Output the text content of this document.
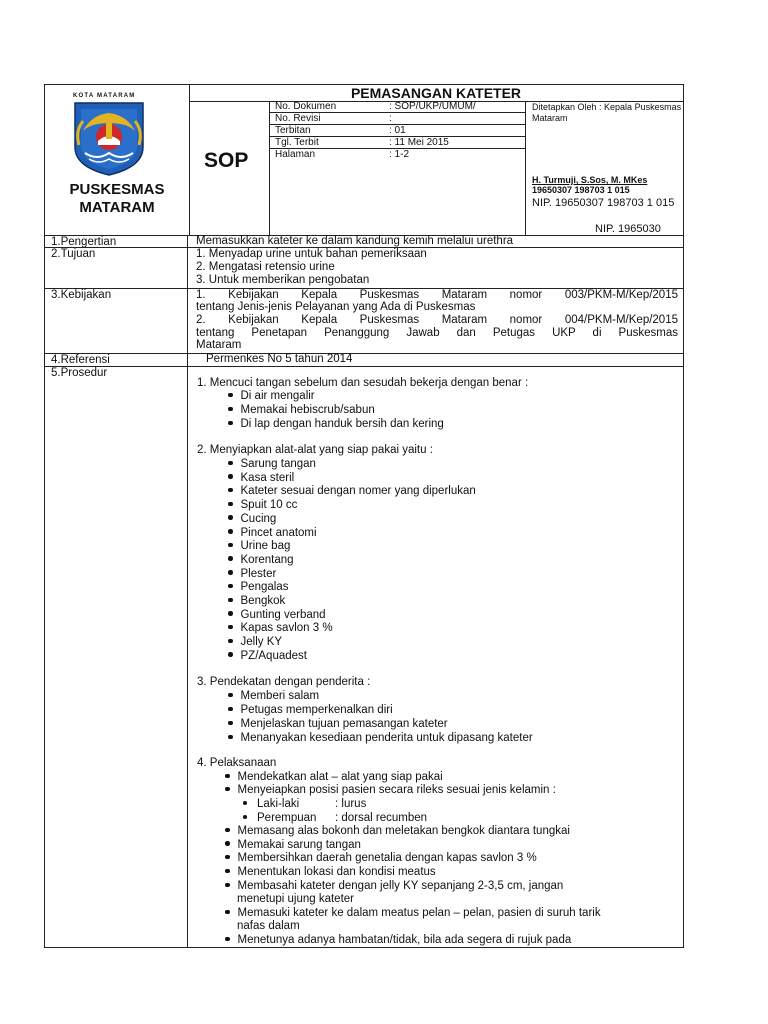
KOTA MATARAM
PUSKESMAS
MATARAM
PEMASANGAN KATETER
SOP
No. Dokumen	: SOP/UKP/UMUM/
No. Revisi	:
Terbitan	: 01
Tgl. Terbit	: 11 Mei 2015
Halaman	: 1-2
Ditetapkan Oleh : Kepala Puskesmas Mataram
H. Turmuji, S.Sos, M. MKes
19650307 198703 1 015
NIP. 19650307 198703 1 015
NIP. 1965030
1.Pengertian	Memasukkan kateter ke dalam kandung kemih melalui urethra
2.Tujuan	1. Menyadap urine untuk bahan pemeriksaan
2. Mengatasi retensio urine
3. Untuk memberikan pengobatan
3.Kebijakan	1. Kebijakan Kepala Puskesmas Mataram nomor 003/PKM-M/Kep/2015
tentang Jenis-jenis Pelayanan yang Ada di Puskesmas
2. Kebijakan Kepala Puskesmas Mataram nomor 004/PKM-M/Kep/2015
tentang Penetapan Penanggung Jawab dan Petugas UKP di Puskesmas
Mataram
4.Referensi	Permenkes No 5 tahun 2014
5.Prosedur
1. Mencuci tangan sebelum dan sesudah bekerja dengan benar :
Di air mengalir
Memakai hebiscrub/sabun
Di lap dengan handuk bersih dan kering
2. Menyiapkan alat-alat yang siap pakai yaitu :
Sarung tangan
Kasa steril
Kateter sesuai dengan nomer yang diperlukan
Spuit 10 cc
Cucing
Pincet anatomi
Urine bag
Korentang
Plester
Pengalas
Bengkok
Gunting verband
Kapas savlon 3 %
Jelly KY
PZ/Aquadest
3. Pendekatan dengan penderita :
Memberi salam
Petugas memperkenalkan diri
Menjelaskan tujuan pemasangan kateter
Menanyakan kesediaan penderita untuk dipasang kateter
4. Pelaksanaan
Mendekatkan alat – alat yang siap pakai
Menyeiapkan posisi pasien secara rileks sesuai jenis kelamin :
Laki-laki	: lurus
Perempuan : dorsal recumben
Memasang alas bokonh dan meletakan bengkok diantara tungkai
Memakai sarung tangan
Membersihkan daerah genetalia dengan kapas savlon 3 %
Menentukan lokasi dan kondisi meatus
Membasahi kateter dengan jelly KY sepanjang 2-3,5 cm, jangan
menetupi ujung kateter
Memasuki kateter ke dalam meatus pelan – pelan, pasien di suruh tarik
nafas dalam
Menetunya adanya hambatan/tidak, bila ada segera di rujuk pada
